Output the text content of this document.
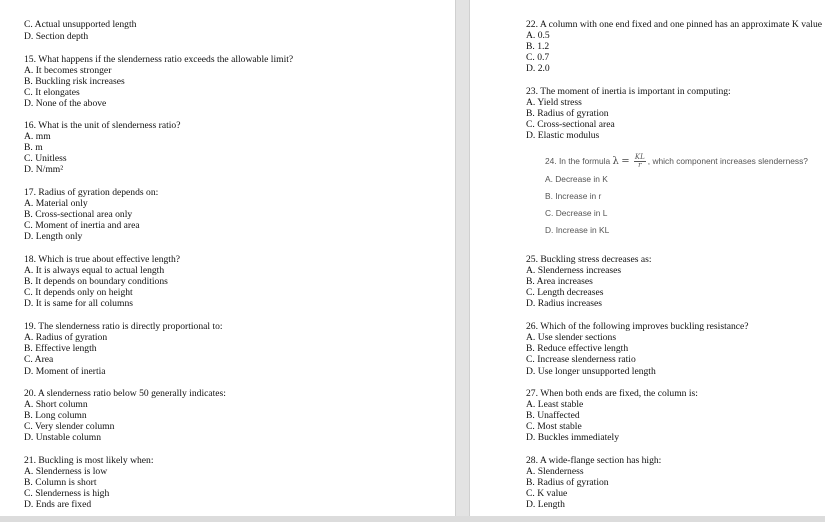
C. Actual unsupported length
D. Section depth
15. What happens if the slenderness ratio exceeds the allowable limit?
A. It becomes stronger
B. Buckling risk increases
C. It elongates
D. None of the above
16. What is the unit of slenderness ratio?
A. mm
B. m
C. Unitless
D. N/mm²
17. Radius of gyration depends on:
A. Material only
B. Cross-sectional area only
C. Moment of inertia and area
D. Length only
18. Which is true about effective length?
A. It is always equal to actual length
B. It depends on boundary conditions
C. It depends only on height
D. It is same for all columns
19. The slenderness ratio is directly proportional to:
A. Radius of gyration
B. Effective length
C. Area
D. Moment of inertia
20. A slenderness ratio below 50 generally indicates:
A. Short column
B. Long column
C. Very slender column
D. Unstable column
21. Buckling is most likely when:
A. Slenderness is low
B. Column is short
C. Slenderness is high
D. Ends are fixed
22. A column with one end fixed and one pinned has an approximate K value
A. 0.5
B. 1.2
C. 0.7
D. 2.0
23. The moment of inertia is important in computing:
A. Yield stress
B. Radius of gyration
C. Cross-sectional area
D. Elastic modulus
24. In the formula $\lambda = \frac{KL}{r}$ , which component increases slenderness?
A. Decrease in K
B. Increase in r
C. Decrease in L
D. Increase in KL
25. Buckling stress decreases as:
A. Slenderness increases
B. Area increases
C. Length decreases
D. Radius increases
26. Which of the following improves buckling resistance?
A. Use slender sections
B. Reduce effective length
C. Increase slenderness ratio
D. Use longer unsupported length
27. When both ends are fixed, the column is:
A. Least stable
B. Unaffected
C. Most stable
D. Buckles immediately
28. A wide-flange section has high:
A. Slenderness
B. Radius of gyration
C. K value
D. Length
